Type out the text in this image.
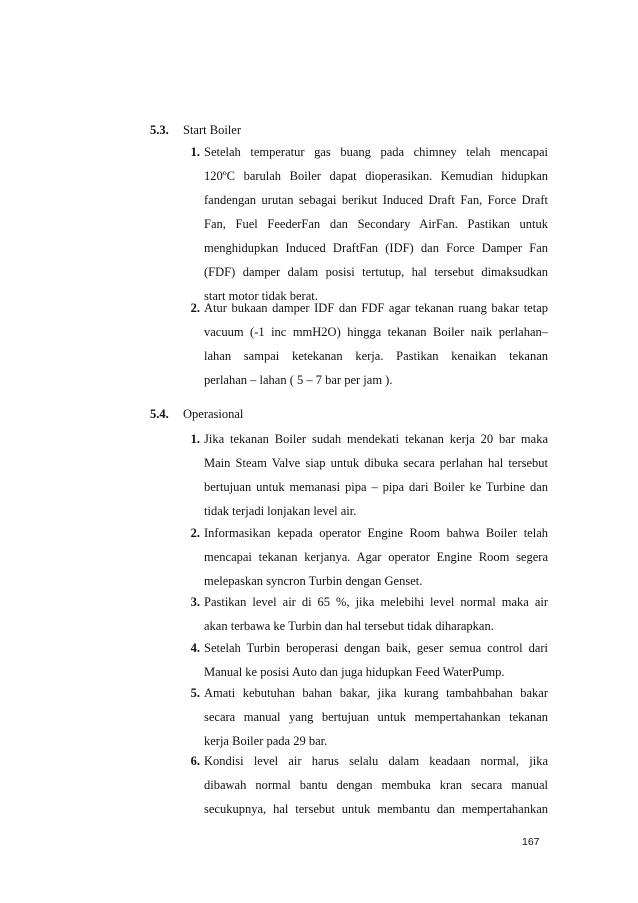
5.3. Start Boiler
1. Setelah temperatur gas buang pada chimney telah mencapai
120ºC barulah Boiler dapat dioperasikan. Kemudian hidupkan
fandengan urutan sebagai berikut Induced Draft Fan, Force Draft
Fan, Fuel FeederFan dan Secondary AirFan. Pastikan untuk
menghidupkan Induced DraftFan (IDF) dan Force Damper Fan
(FDF) damper dalam posisi tertutup, hal tersebut dimaksudkan
start motor tidak berat.
2. Atur bukaan damper IDF dan FDF agar tekanan ruang bakar tetap
vacuum (-1 inc mmH2O) hingga tekanan Boiler naik perlahan–
lahan sampai ketekanan kerja. Pastikan kenaikan tekanan
perlahan – lahan ( 5 – 7 bar per jam ).
5.4. Operasional
1. Jika tekanan Boiler sudah mendekati tekanan kerja 20 bar maka
Main Steam Valve siap untuk dibuka secara perlahan hal tersebut
bertujuan untuk memanasi pipa – pipa dari Boiler ke Turbine dan
tidak terjadi lonjakan level air.
2. Informasikan kepada operator Engine Room bahwa Boiler telah
mencapai tekanan kerjanya. Agar operator Engine Room segera
melepaskan syncron Turbin dengan Genset.
3. Pastikan level air di 65 %, jika melebihi level normal maka air
akan terbawa ke Turbin dan hal tersebut tidak diharapkan.
4. Setelah Turbin beroperasi dengan baik, geser semua control dari
Manual ke posisi Auto dan juga hidupkan Feed WaterPump.
5. Amati kebutuhan bahan bakar, jika kurang tambahbahan bakar
secara manual yang bertujuan untuk mempertahankan tekanan
kerja Boiler pada 29 bar.
6. Kondisi level air harus selalu dalam keadaan normal, jika
dibawah normal bantu dengan membuka kran secara manual
secukupnya, hal tersebut untuk membantu dan mempertahankan
167
